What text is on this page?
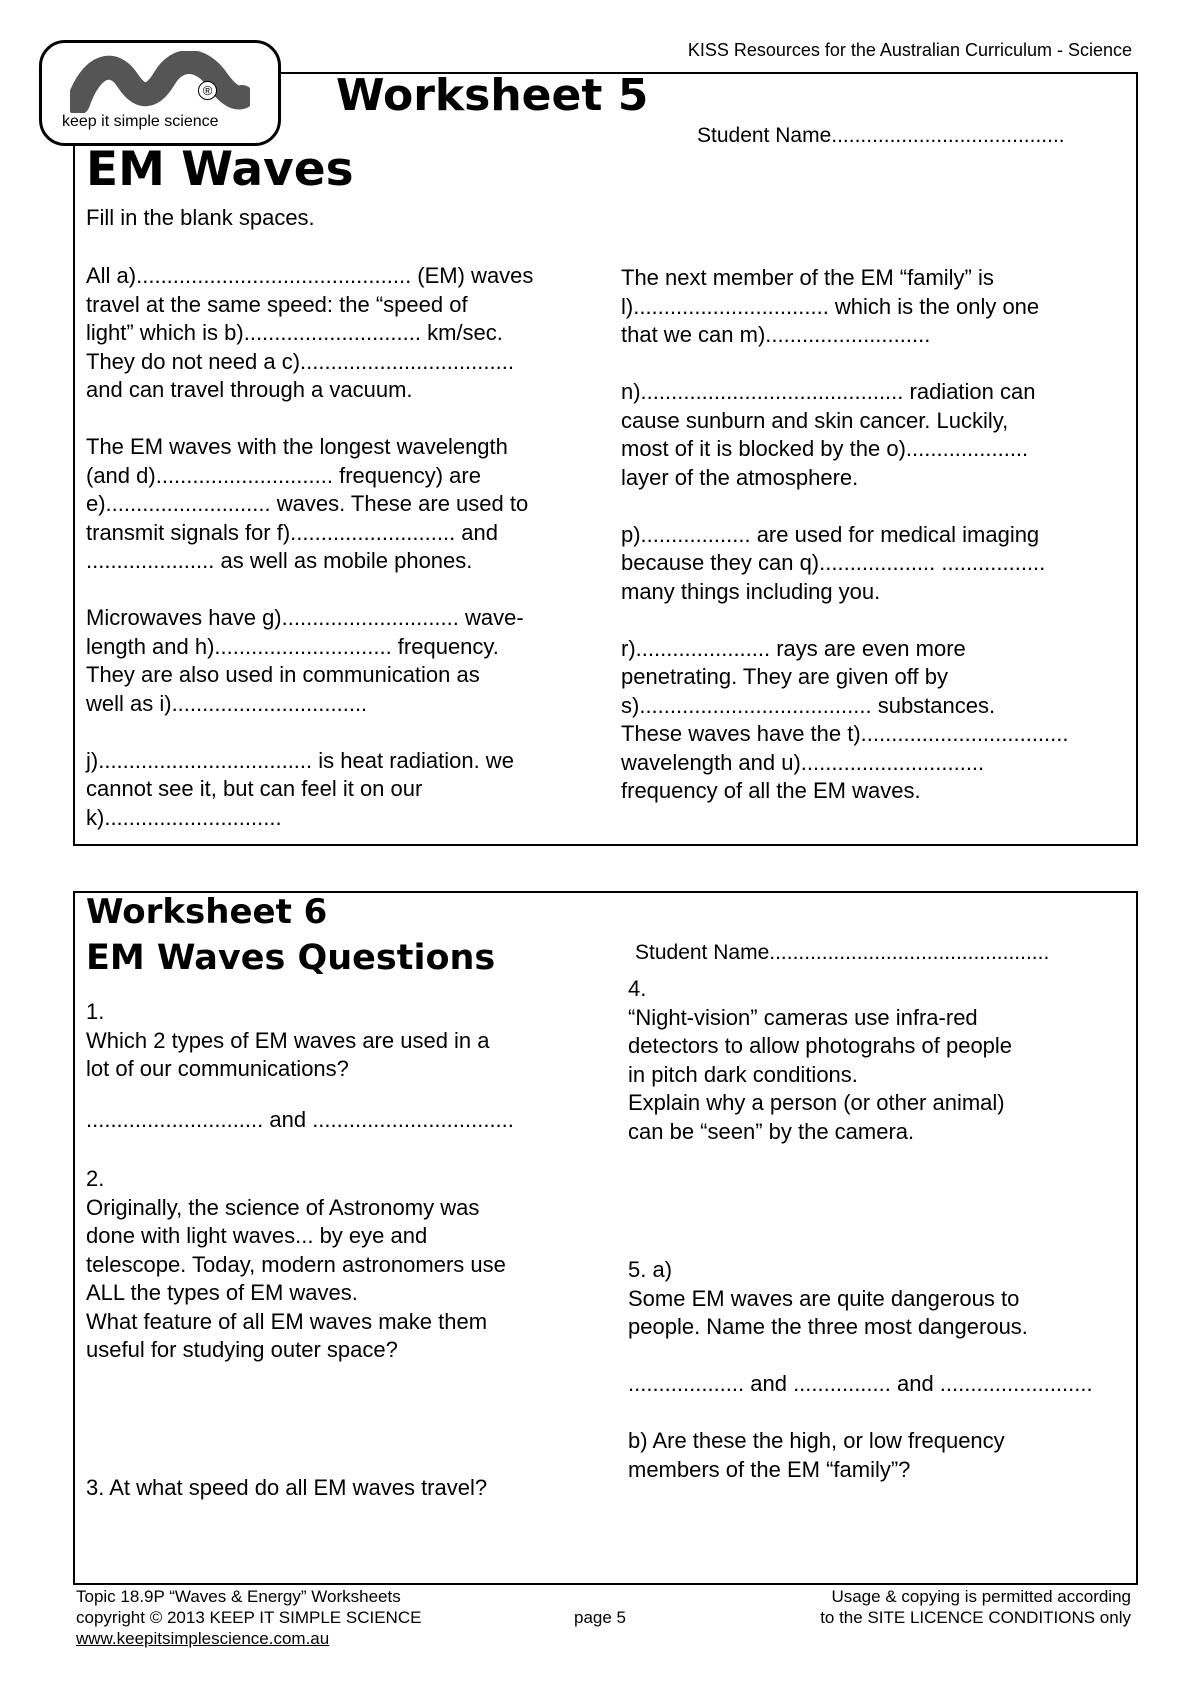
KISS Resources for the Australian Curriculum - Science
®
keep it simple science
Worksheet 5
Student Name........................................
EM Waves
Fill in the blank spaces.

All a)............................................. (EM) waves
travel at the same speed: the “speed of
light” which is b)............................. km/sec.
They do not need a c)...................................
and can travel through a vacuum.

The EM waves with the longest wavelength
(and d)............................. frequency) are
e)........................... waves. These are used to
transmit signals for f)........................... and
..................... as well as mobile phones.

Microwaves have g)............................. wave-
length and h)............................. frequency.
They are also used in communication as
well as i)................................

j)................................... is heat radiation. we
cannot see it, but can feel it on our
k).............................

The next member of the EM “family” is
l)................................ which is the only one
that we can m)...........................

n)........................................... radiation can
cause sunburn and skin cancer. Luckily,
most of it is blocked by the o)....................
layer of the atmosphere.

p).................. are used for medical imaging
because they can q)................... .................
many things including you.

r)...................... rays are even more
penetrating. They are given off by
s)...................................... substances.
These waves have the t)..................................
wavelength and u)..............................
frequency of all the EM waves.

Worksheet 6
EM Waves Questions	Student Name................................................
1.
Which 2 types of EM waves are used in a
lot of our communications?
............................. and .................................
2.
Originally, the science of Astronomy was
done with light waves... by eye and
telescope. Today, modern astronomers use
ALL the types of EM waves.
What feature of all EM waves make them
useful for studying outer space?
3. At what speed do all EM waves travel?
4.
“Night-vision” cameras use infra-red
detectors to allow photograhs of people
in pitch dark conditions.
Explain why a person (or other animal)
can be “seen” by the camera.
5. a)
Some EM waves are quite dangerous to
people. Name the three most dangerous.
................... and ................ and .........................
b) Are these the high, or low frequency
members of the EM “family”?
Topic 18.9P “Waves & Energy” Worksheets
copyright © 2013 KEEP IT SIMPLE SCIENCE
www.keepitsimplescience.com.au
page 5
Usage & copying is permitted according
to the SITE LICENCE CONDITIONS only
